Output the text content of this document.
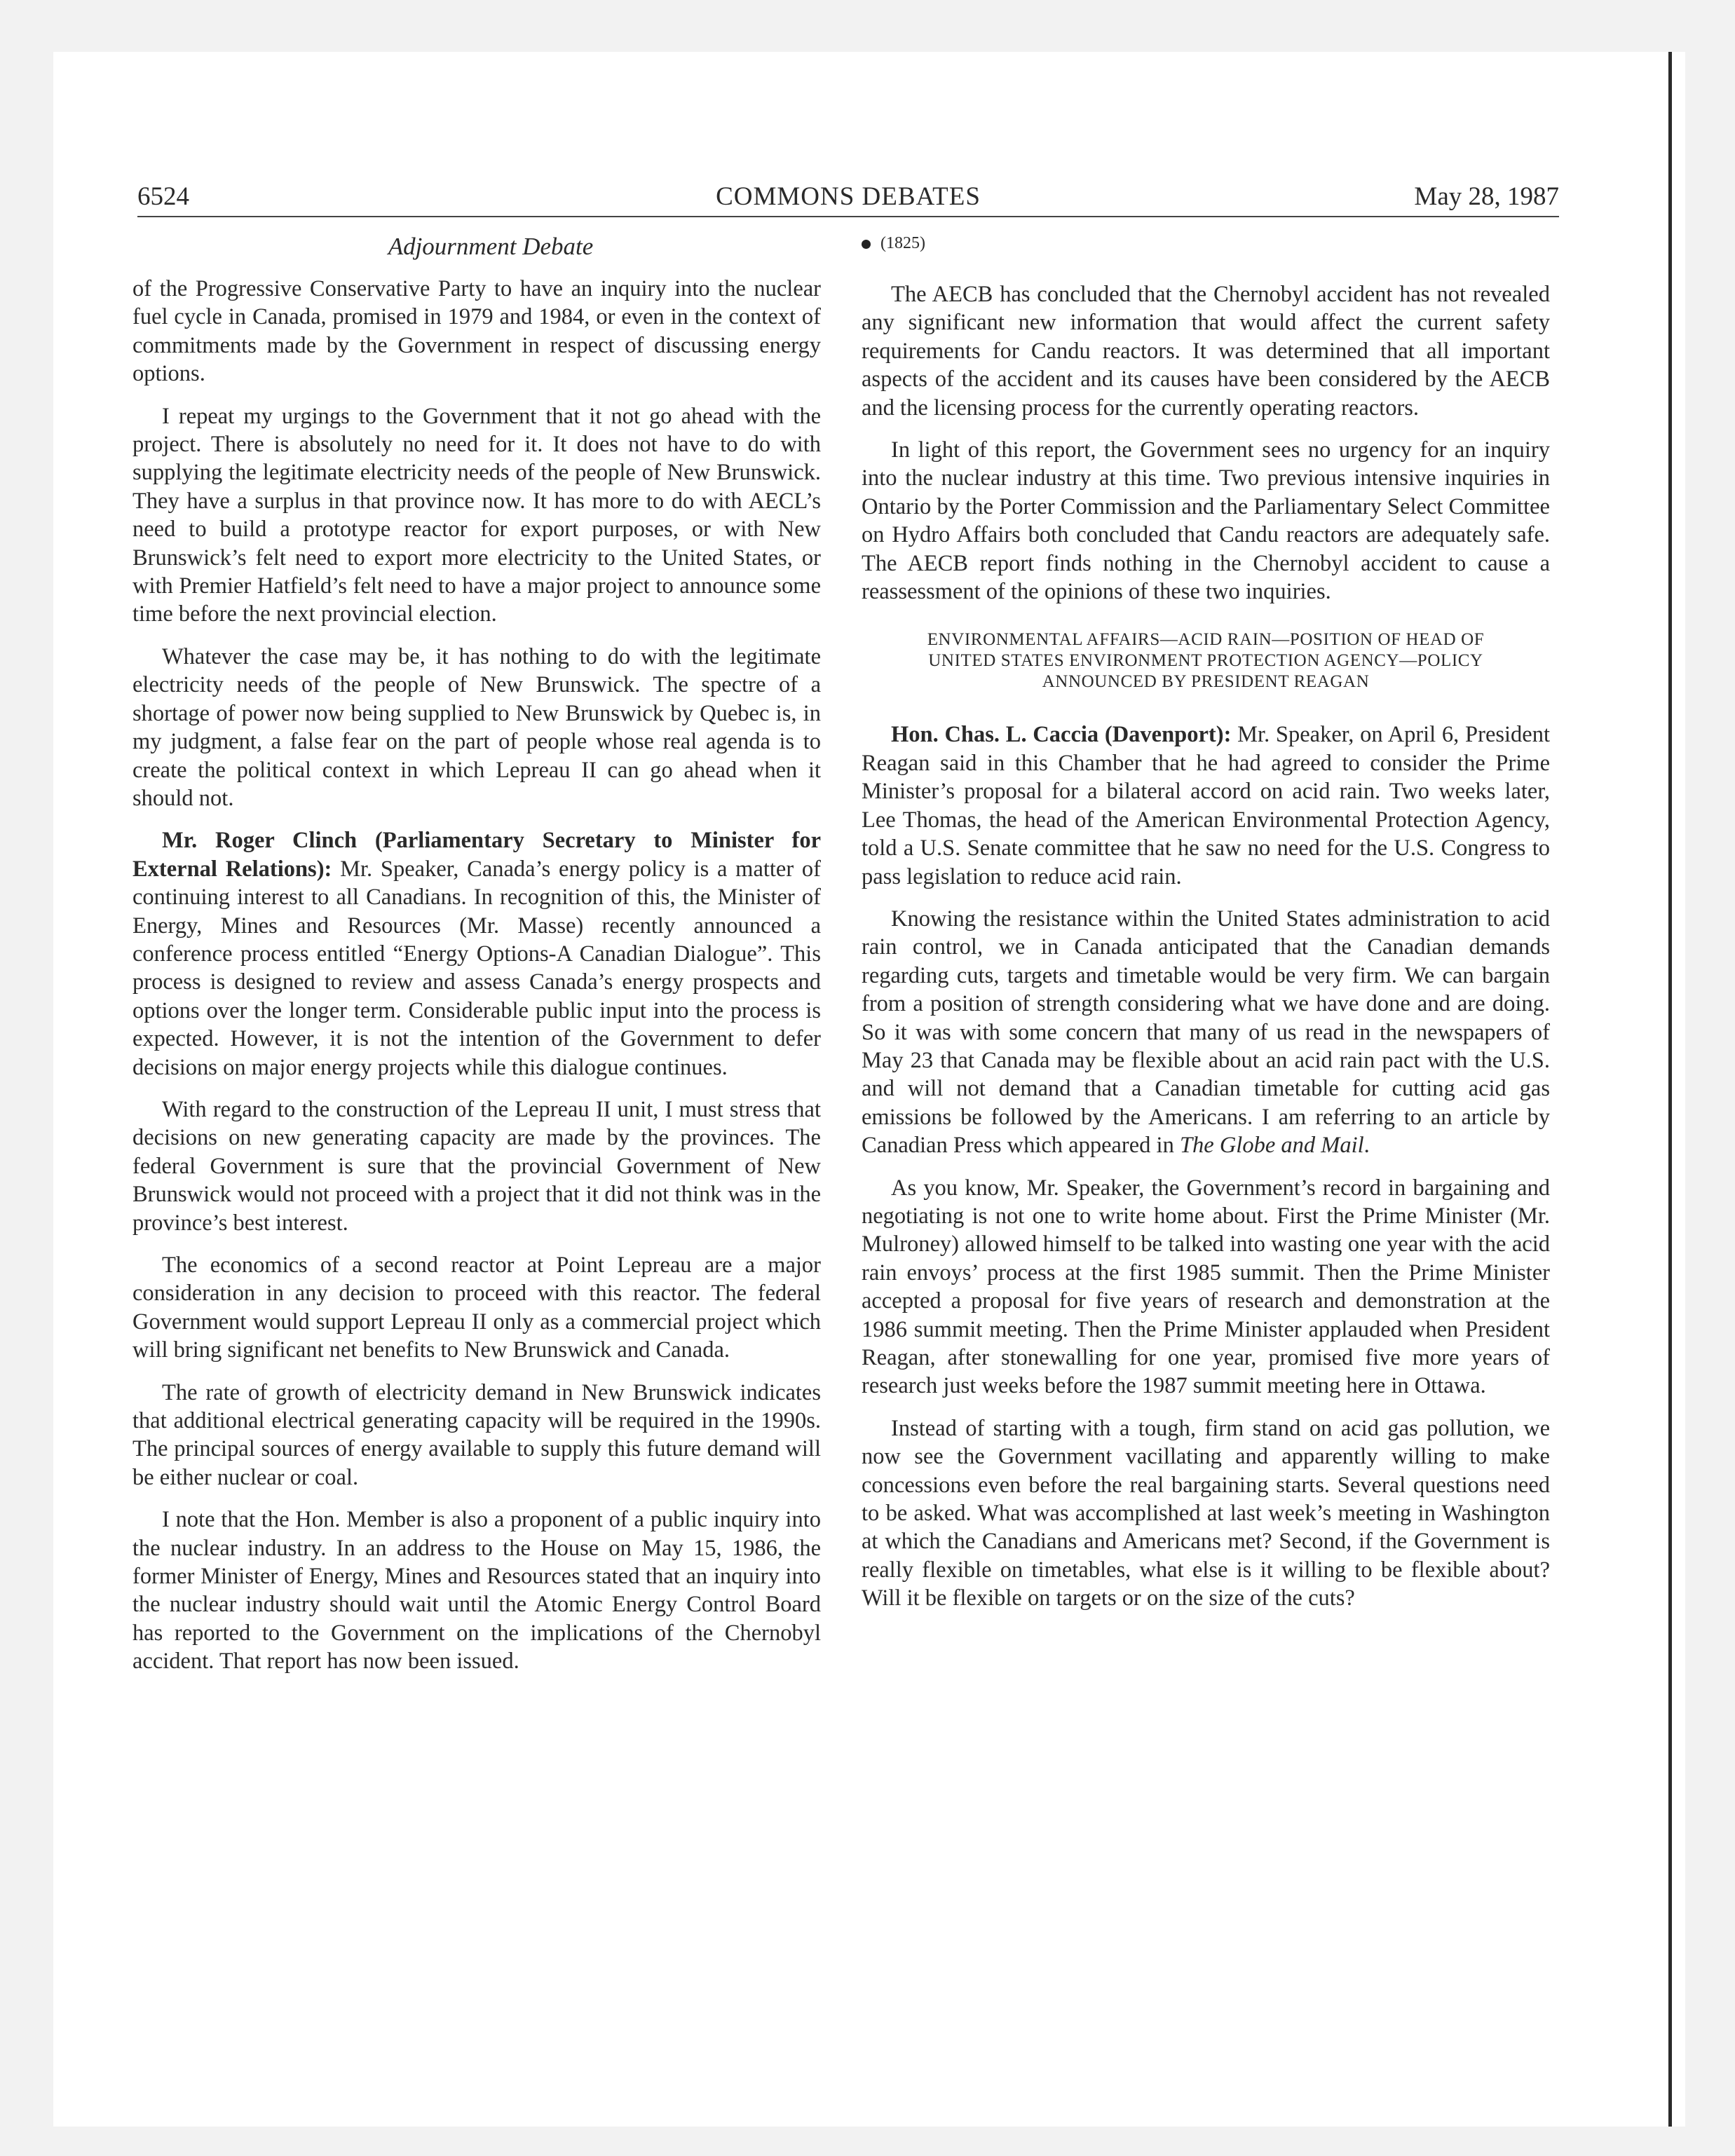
6524	COMMONS DEBATES	May 28, 1987
Adjournment Debate

of the Progressive Conservative Party to have an inquiry into the nuclear fuel cycle in Canada, promised in 1979 and 1984, or even in the context of commitments made by the Government in respect of discussing energy options.

I repeat my urgings to the Government that it not go ahead with the project. There is absolutely no need for it. It does not have to do with supplying the legitimate electricity needs of the people of New Brunswick. They have a surplus in that province now. It has more to do with AECL’s need to build a prototype reactor for export purposes, or with New Brunswick’s felt need to export more electricity to the United States, or with Premier Hatfield’s felt need to have a major project to announce some time before the next provincial election.

Whatever the case may be, it has nothing to do with the legitimate electricity needs of the people of New Brunswick. The spectre of a shortage of power now being supplied to New Brunswick by Quebec is, in my judgment, a false fear on the part of people whose real agenda is to create the political context in which Lepreau II can go ahead when it should not.

Mr. Roger Clinch (Parliamentary Secretary to Minister for External Relations): Mr. Speaker, Canada’s energy policy is a matter of continuing interest to all Canadians. In recognition of this, the Minister of Energy, Mines and Resources (Mr. Masse) recently announced a conference process entitled “Energy Options-A Canadian Dialogue”. This process is designed to review and assess Canada’s energy prospects and options over the longer term. Considerable public input into the process is expected. However, it is not the intention of the Government to defer decisions on major energy projects while this dialogue continues.

With regard to the construction of the Lepreau II unit, I must stress that decisions on new generating capacity are made by the provinces. The federal Government is sure that the provincial Government of New Brunswick would not proceed with a project that it did not think was in the province’s best interest.

The economics of a second reactor at Point Lepreau are a major consideration in any decision to proceed with this reactor. The federal Government would support Lepreau II only as a commercial project which will bring significant net benefits to New Brunswick and Canada.

The rate of growth of electricity demand in New Brunswick indicates that additional electrical generating capacity will be required in the 1990s. The principal sources of energy available to supply this future demand will be either nuclear or coal.

I note that the Hon. Member is also a proponent of a public inquiry into the nuclear industry. In an address to the House on May 15, 1986, the former Minister of Energy, Mines and Resources stated that an inquiry into the nuclear industry should wait until the Atomic Energy Control Board has reported to the Government on the implications of the Chernobyl accident. That report has now been issued.

(1825)

The AECB has concluded that the Chernobyl accident has not revealed any significant new information that would affect the current safety requirements for Candu reactors. It was determined that all important aspects of the accident and its causes have been considered by the AECB and the licensing process for the currently operating reactors.

In light of this report, the Government sees no urgency for an inquiry into the nuclear industry at this time. Two previous intensive inquiries in Ontario by the Porter Commission and the Parliamentary Select Committee on Hydro Affairs both concluded that Candu reactors are adequately safe. The AECB report finds nothing in the Chernobyl accident to cause a reassessment of the opinions of these two inquiries.

ENVIRONMENTAL AFFAIRS—ACID RAIN—POSITION OF HEAD OF
UNITED STATES ENVIRONMENT PROTECTION AGENCY—POLICY
ANNOUNCED BY PRESIDENT REAGAN

Hon. Chas. L. Caccia (Davenport): Mr. Speaker, on April 6, President Reagan said in this Chamber that he had agreed to consider the Prime Minister’s proposal for a bilateral accord on acid rain. Two weeks later, Lee Thomas, the head of the American Environmental Protection Agency, told a U.S. Senate committee that he saw no need for the U.S. Congress to pass legislation to reduce acid rain.

Knowing the resistance within the United States administration to acid rain control, we in Canada anticipated that the Canadian demands regarding cuts, targets and timetable would be very firm. We can bargain from a position of strength considering what we have done and are doing. So it was with some concern that many of us read in the newspapers of May 23 that Canada may be flexible about an acid rain pact with the U.S. and will not demand that a Canadian timetable for cutting acid gas emissions be followed by the Americans. I am referring to an article by Canadian Press which appeared in The Globe and Mail.

As you know, Mr. Speaker, the Government’s record in bargaining and negotiating is not one to write home about. First the Prime Minister (Mr. Mulroney) allowed himself to be talked into wasting one year with the acid rain envoys’ process at the first 1985 summit. Then the Prime Minister accepted a proposal for five years of research and demonstration at the 1986 summit meeting. Then the Prime Minister applauded when President Reagan, after stonewalling for one year, promised five more years of research just weeks before the 1987 summit meeting here in Ottawa.

Instead of starting with a tough, firm stand on acid gas pollution, we now see the Government vacillating and apparently willing to make concessions even before the real bargaining starts. Several questions need to be asked. What was accomplished at last week’s meeting in Washington at which the Canadians and Americans met? Second, if the Government is really flexible on timetables, what else is it willing to be flexible about? Will it be flexible on targets or on the size of the cuts?
